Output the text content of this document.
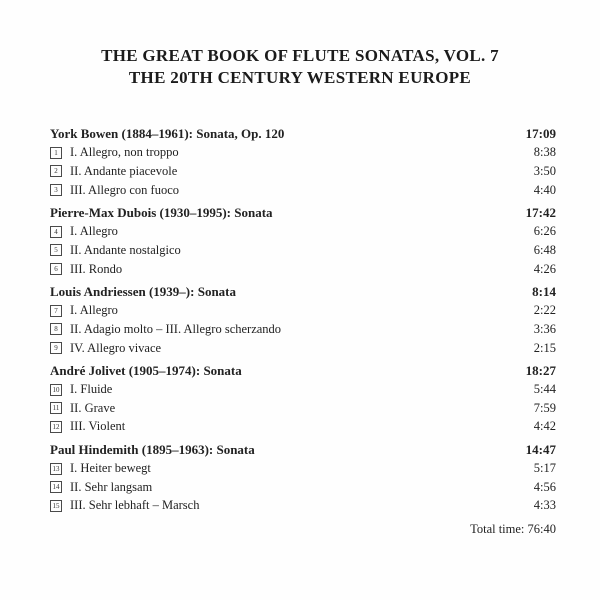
THE GREAT BOOK OF FLUTE SONATAS, VOL. 7
THE 20TH CENTURY WESTERN EUROPE
York Bowen (1884–1961): Sonata, Op. 120	17:09
1 I. Allegro, non troppo	8:38
2 II. Andante piacevole	3:50
3 III. Allegro con fuoco	4:40
Pierre-Max Dubois (1930–1995): Sonata	17:42
4 I. Allegro	6:26
5 II. Andante nostalgico	6:48
6 III. Rondo	4:26
Louis Andriessen (1939–): Sonata	8:14
7 I. Allegro	2:22
8 II. Adagio molto – III. Allegro scherzando	3:36
9 IV. Allegro vivace	2:15
André Jolivet (1905–1974): Sonata	18:27
10 I. Fluide	5:44
11 II. Grave	7:59
12 III. Violent	4:42
Paul Hindemith (1895–1963): Sonata	14:47
13 I. Heiter bewegt	5:17
14 II. Sehr langsam	4:56
15 III. Sehr lebhaft – Marsch	4:33
Total time: 76:40
